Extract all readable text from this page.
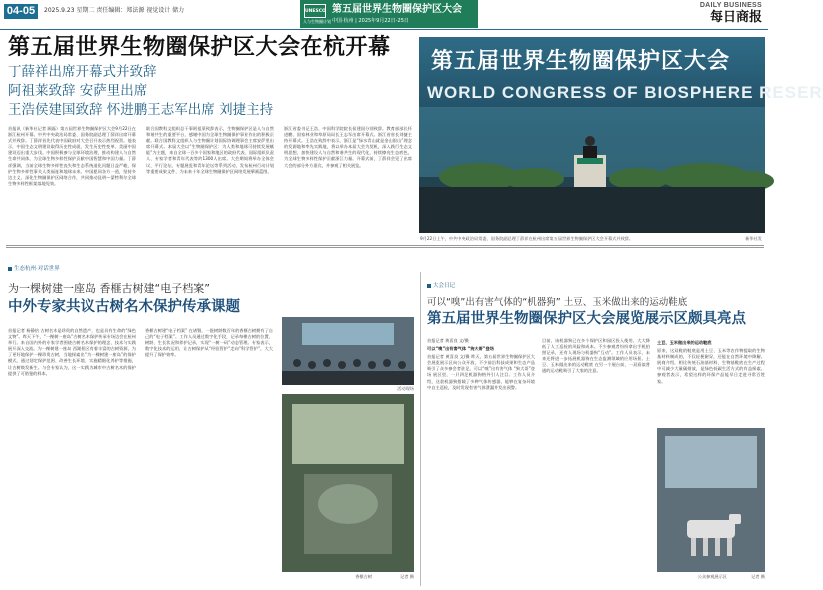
04-05	2025.9.23 星期二 责任编辑：郑法源 视觉设计 储力	UNESCO
人与生物圈计划
第五届世界生物圈保护区大会
中国·杭州 | 2025年9月22日-25日
DAILY BUSINESS
每日商报
第五届世界生物圈保护区大会在杭开幕
丁薛祥出席开幕式并致辞
阿祖莱致辞 安萨里出席
王浩侯建国致辞 怀进鹏王志军出席 刘捷主持
首报讯（新华社记者 顾磊）第五届世界生物圈保护区大会9月22日在浙江杭州开幕。中共中央政治局常委、国务院副总理丁薛祥出席开幕式并致辞。丁薛祥首先代表中国政府对大会召开表示热烈祝贺。他表示，中国生态文明建设取得历史性成就、发生历史性变革，美丽中国建设迈出重大步伐。中国积极参与全球环境治理，推动构建人与自然生命共同体，为全球生物多样性保护贡献中国智慧和中国力量。丁薛祥强调，当前全球生物多样性丧失和生态系统退化问题日益严峻，保护生物多样性事关人类福祉和地球未来。中国愿同各方一道，坚持多边主义，深化生物圈保护区网络合作，共同推动昆明—蒙特利尔全球生物多样性框架落地见效。
联合国教科文组织总干事阿祖莱致辞表示，生物圈保护区是人与自然和谐共生的重要平台，感谢中国为全球生物圈保护事业作出的积极贡献。联合国教科文组织人与生物圈计划国际协调理事会主席安萨里出席开幕式。本届大会以“生物圈保护区：为人类和地球可持续发展赋能”为主题，来自全球一百多个国家和地区的政府代表、国际组织负责人、专家学者和青年代表等约1300人出席。大会期间将举办全体会议、平行论坛、专题展览和青年论坛等系列活动，发布杭州行动计划等重要成果文件，为未来十年全球生物圈保护区网络发展擘画蓝图。
浙江省委书记王浩、中国科学院院长侯建国分别致辞。教育部部长怀进鹏、国家林业和草原局局长王志军出席开幕式。浙江省省长刘捷主持开幕式。王浩在致辞中表示，浙江是“绿水青山就是金山银山”理念的发源地和率先实践地，将以举办本届大会为契机，深入践行生态文明思想，加快建设人与自然和谐共生的现代化，持续擦亮生态底色，为全球生物多样性保护贡献浙江力量。开幕式前，丁薛祥会见了出席大会的部分外方嘉宾，并参观了相关展览。
第五届世界生物圈保护区大会
WORLD CONGRESS OF BIOSPHERE RESER
9月22日上午，中共中央政治局常委、国务院副总理丁薛祥在杭州出席第五届世界生物圈保护区大会开幕式并致辞。	新华社发
生态杭州·对话世界
为一棵树建一座岛 香榧古树建“电子档案”
中外专家共议古树名木保护传承课题
首报记者 杨静怡 古树名木是珍贵的自然遗产，也是具有生命的“绿色文物”。昨天下午，“一棵树一座岛”古树名木保护传承专场边会在杭州举行。来自国内外的专家学者围绕古树名木保护的理念、技术与实践展开深入交流。为一棵树建一座岛 西湖景区有着丰富的古树资源，为了更好地保护一棵珍贵古树，当地探索出“为一棵树建一座岛”的保护模式，通过划定保护范围、改善生长环境、实施精细化养护等措施，让古树焕发新生。与会专家认为，这一实践为城市中古树名木的保护提供了可借鉴的样本。
香榧古树建“电子档案” 在诸暨，一批树龄数百年的香榧古树拥有了自己的“电子档案”。工作人员通过数字化手段，记录每棵古树的位置、树龄、生长状况和养护记录，实现“一树一码”动态管理。专家表示，数字化技术的运用，让古树保护从“经验管护”走向“科学管护”，大大提升了保护效率。
活动现场
香榧古树	记者 摄
大会日记
可以“嗅”出有害气体的“机器狗” 土豆、玉米做出来的运动鞋底
第五届世界生物圈保护区大会展览展示区颇具亮点
首报记者 黄喜良 文/摄
可以“嗅”出有害气体 “狗大哥”登场
首报记者 黄喜良 文/摄 昨天，第五届世界生物圈保护区大会展览展示区向公众开放，不少前沿科技成果和生态产品吸引了众多参会者驻足。可以“嗅”出有害气体 “狗大哥”登场 展区里，一只四足机器狗格外引人注目。工作人员介绍，这款机器狗搭载了多种气体传感器，能够在复杂环境中自主巡检，及时发现有害气体泄漏并发出预警。
目前，该机器狗已在多个保护区和园区投入使用，大大降低了人工巡检的风险和成本。不少参观者纷纷拿出手机拍照记录，还有人现场与机器狗“互动”。工作人员表示，未来还将进一步拓展机器狗在生态监测领域的应用场景。土豆、玉米做出来的运动鞋底 在另一个展台前，一双看似普通的运动鞋吸引了大家的注意。
土豆、玉米做出来的运动鞋底
原来，这双鞋的鞋底是用土豆、玉米等农作物提取的生物基材料制成的，不仅轻便耐穿，还能在自然环境中降解。展商介绍，相比传统石油基材料，生物基鞋底在生产过程中可减少大量碳排放，是绿色低碳生活方式的有益探索。参观者表示，希望这样的环保产品能早日走进寻常百姓家。
公众参观展示区	记者 摄
